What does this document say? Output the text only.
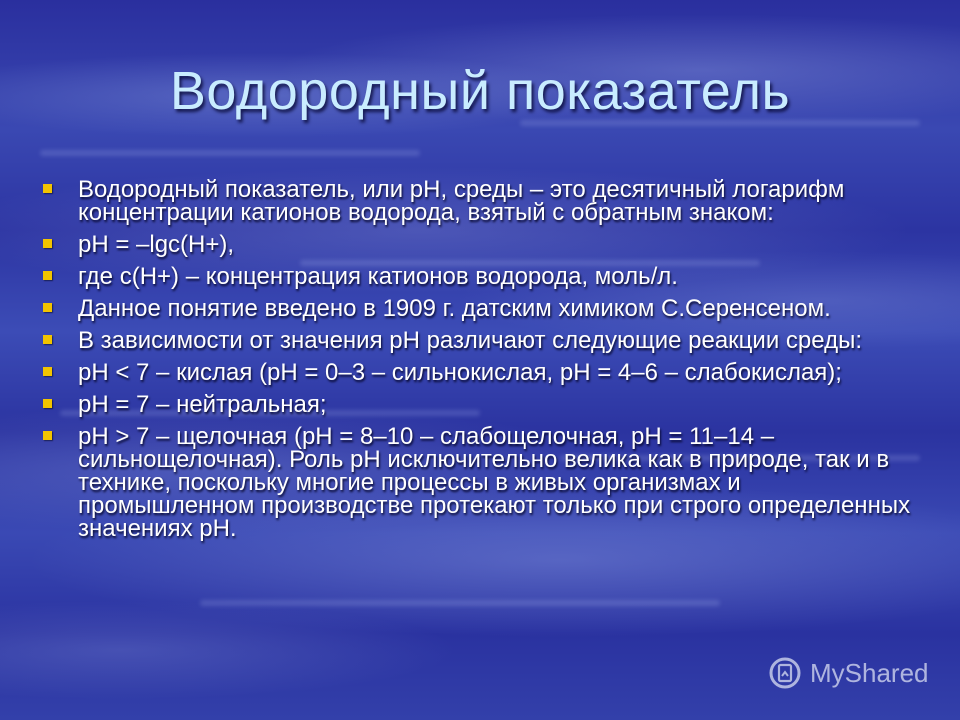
Водородный показатель
Водородный показатель, или pH, среды – это десятичный логарифм концентрации катионов водорода, взятый с обратным знаком:
pH = –lgc(H+),
где c(H+) – концентрация катионов водорода, моль/л.
Данное понятие введено в 1909 г. датским химиком С.Серенсеном.
В зависимости от значения pH различают следующие реакции среды:
pH < 7 – кислая (pH = 0–3 – сильнокислая, pH = 4–6 – слабокислая);
pH = 7 – нейтральная;
pH > 7 – щелочная (pH = 8–10 – слабощелочная, pH = 11–14 – сильнощелочная). Роль pH исключительно велика как в природе, так и в технике, поскольку многие процессы в живых организмах и промышленном производстве протекают только при строго определенных значениях pH.
MyShared
